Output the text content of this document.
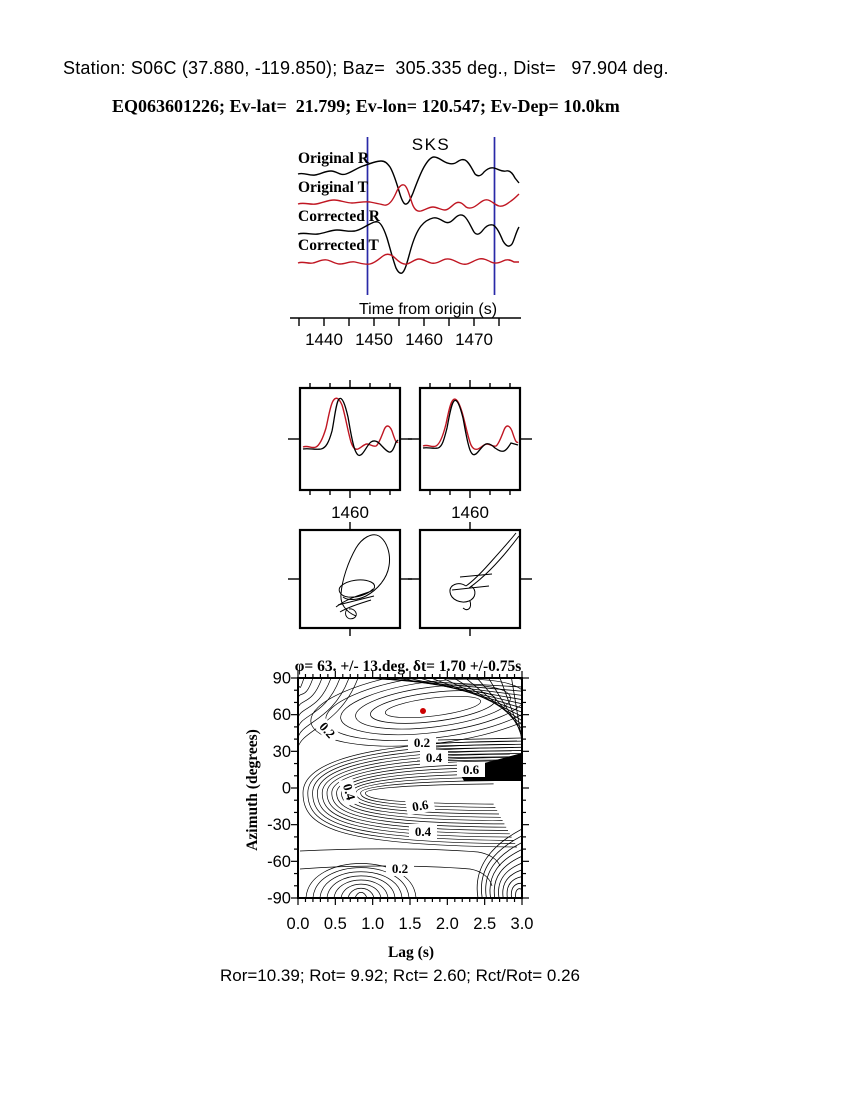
Station: S06C (37.880, -119.850); Baz=  305.335 deg., Dist=   97.904 deg.
EQ063601226; Ev-lat=  21.799; Ev-lon= 120.547; Ev-Dep= 10.0km
SKS
Original R
Original T
Corrected R
Corrected T
Time from origin (s)
1440 1450 1460 1470
1460	1460
φ= 63. +/- 13.deg. δt= 1.70 +/-0.75s
0.2
0.2
0.4
0.6
0.4
0.6
0.4
0.2
90
60
30
0
-30
-60
-90
Azimuth (degrees)
0.0 0.5 1.0 1.5 2.0 2.5 3.0
Lag (s)
Ror=10.39; Rot= 9.92; Rct= 2.60; Rct/Rot= 0.26
